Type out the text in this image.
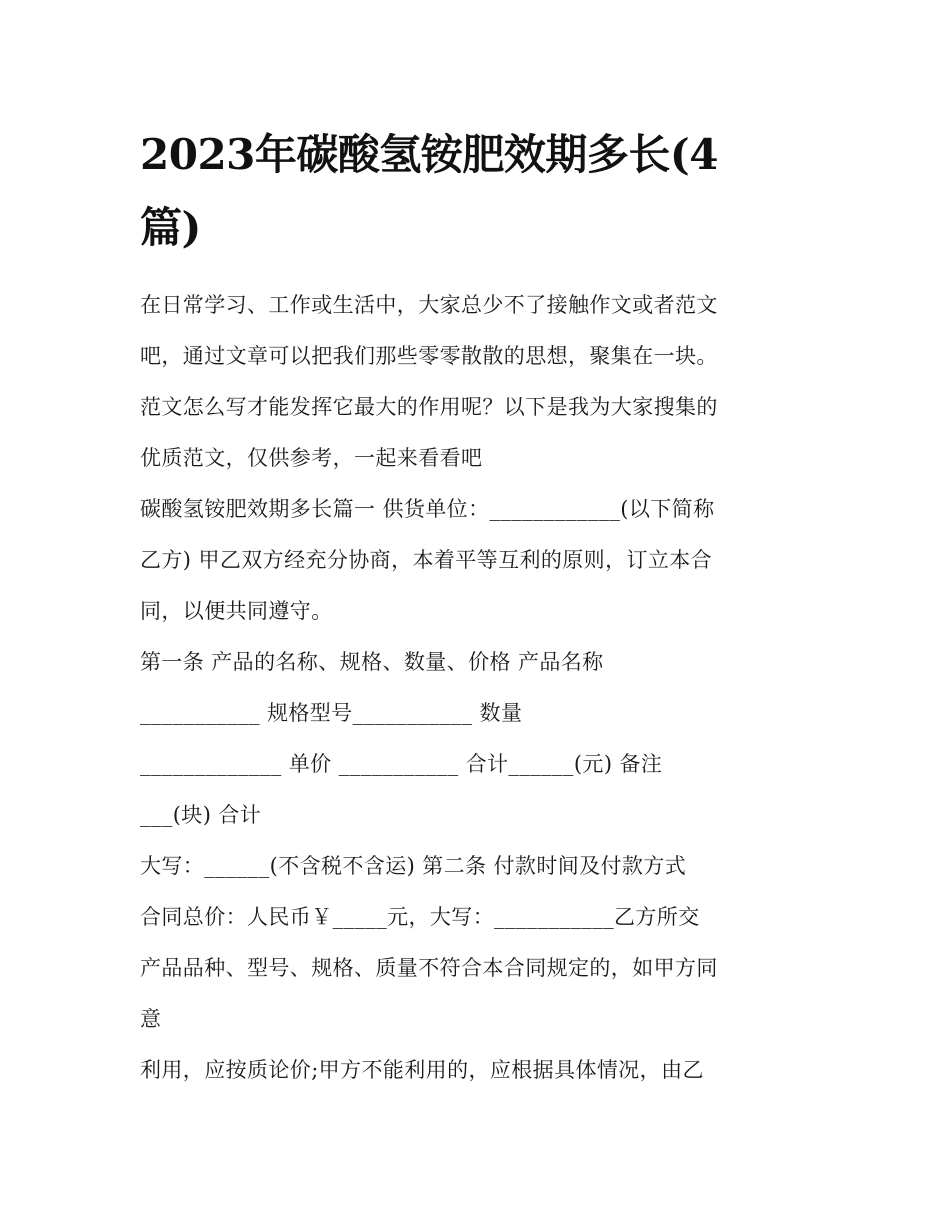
2023年碳酸氢铵肥效期多长(4
篇)
在日常学习、工作或生活中，大家总少不了接触作文或者范文
吧，通过文章可以把我们那些零零散散的思想，聚集在一块。
范文怎么写才能发挥它最大的作用呢？以下是我为大家搜集的
优质范文，仅供参考，一起来看看吧
碳酸氢铵肥效期多长篇一 供货单位：____________(以下简称
乙方) 甲乙双方经充分协商，本着平等互利的原则，订立本合
同，以便共同遵守。
第一条 产品的名称、规格、数量、价格 产品名称
___________ 规格型号___________ 数量
_____________ 单价 ___________ 合计______(元) 备注
___(块) 合计
大写：______(不含税不含运) 第二条 付款时间及付款方式
合同总价：人民币￥_____元，大写：___________乙方所交
产品品种、型号、规格、质量不符合本合同规定的，如甲方同
意
利用，应按质论价;甲方不能利用的，应根据具体情况，由乙
